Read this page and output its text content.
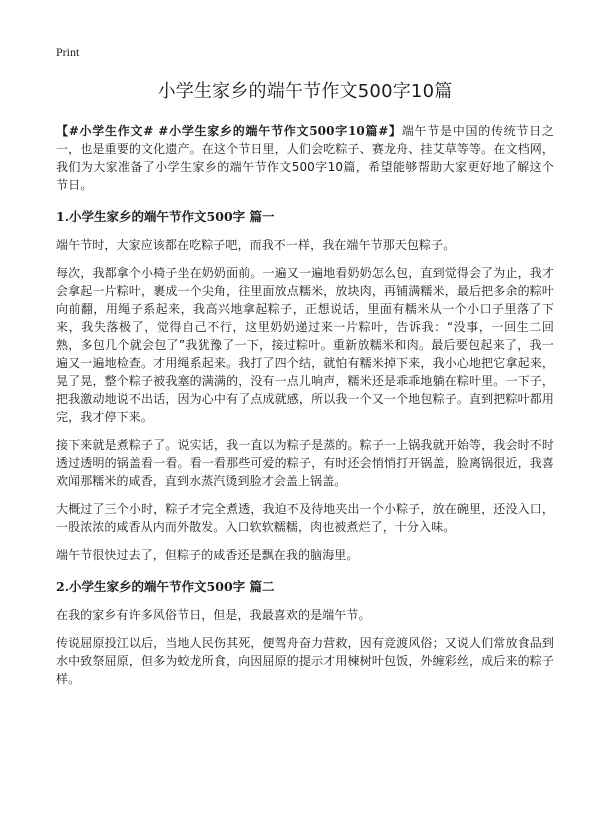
Print
小学生家乡的端午节作文500字10篇

【#小学生作文# #小学生家乡的端午节作文500字10篇#】端午节是中国的传统节日之一，也是重要的文化遗产。在这个节日里，人们会吃粽子、赛龙舟、挂艾草等等。在文档网，我们为大家准备了小学生家乡的端午节作文500字10篇，希望能够帮助大家更好地了解这个节日。

1.小学生家乡的端午节作文500字 篇一

端午节时，大家应该都在吃粽子吧，而我不一样，我在端午节那天包粽子。

每次，我都拿个小椅子坐在奶奶面前。一遍又一遍地看奶奶怎么包，直到觉得会了为止，我才会拿起一片粽叶，裹成一个尖角，往里面放点糯米，放块肉，再铺满糯米，最后把多余的粽叶向前翻，用绳子系起来，我高兴地拿起粽子，正想说话，里面有糯米从一个小口子里落了下来，我失落极了，觉得自己不行，这里奶奶递过来一片粽叶，告诉我：“没事，一回生二回熟，多包几个就会包了”我犹豫了一下，接过粽叶。重新放糯米和肉。最后要包起来了，我一遍又一遍地检查。才用绳系起来。我打了四个结，就怕有糯米掉下来，我小心地把它拿起来，晃了晃，整个粽子被我塞的满满的，没有一点儿响声，糯米还是乖乖地躺在粽叶里。一下子，把我激动地说不出话，因为心中有了点成就感，所以我一个又一个地包粽子。直到把粽叶都用完，我才停下来。

接下来就是煮粽子了。说实话，我一直以为粽子是蒸的。粽子一上锅我就开始等，我会时不时透过透明的锅盖看一看。看一看那些可爱的粽子，有时还会悄悄打开锅盖，脸离锅很近，我喜欢闻那糯米的咸香，直到水蒸汽烫到脸才会盖上锅盖。

大概过了三个小时，粽子才完全煮透，我迫不及待地夹出一个小粽子，放在碗里，还没入口，一股浓浓的咸香从内而外散发。入口软软糯糯，肉也被煮烂了，十分入味。

端午节很快过去了，但粽子的咸香还是飘在我的脑海里。

2.小学生家乡的端午节作文500字 篇二

在我的家乡有许多风俗节日，但是，我最喜欢的是端午节。

传说屈原投江以后，当地人民伤其死，便驾舟奋力营救，因有竞渡风俗；又说人们常放食品到水中致祭屈原，但多为蛟龙所食，向因屈原的提示才用楝树叶包饭，外缠彩丝，成后来的粽子样。
